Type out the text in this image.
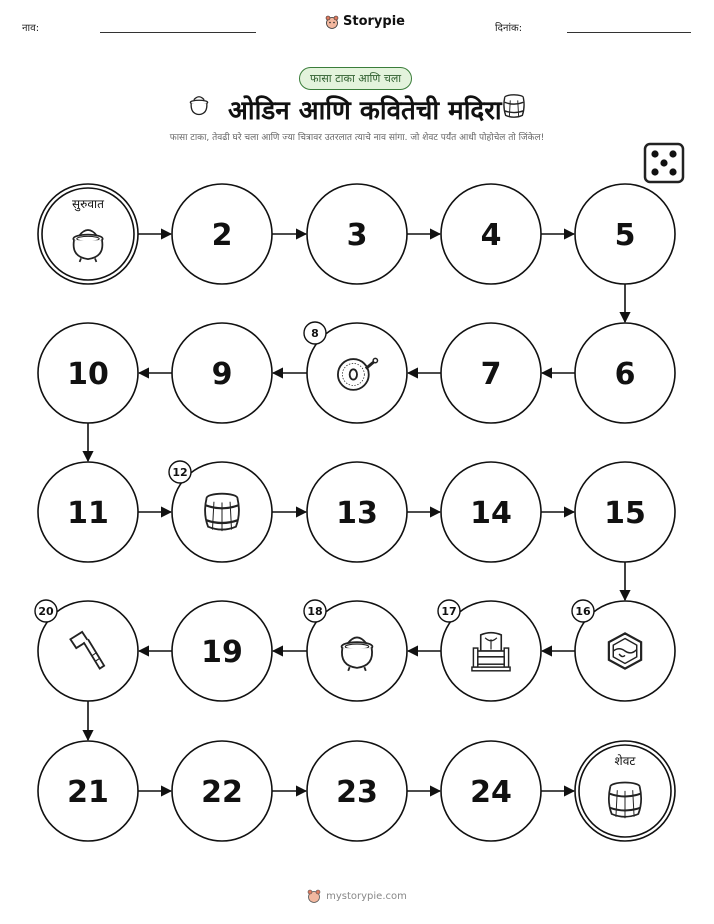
नाव:	Storypie	दिनांक:
फासा टाका आणि चला
ओडिन आणि कवितेची मदिरा
फासा टाका, तेवढी घरे चला आणि ज्या चित्रावर उतरलात त्याचे नाव सांगा. जो शेवट पर्यंत आधी पोहोचेल तो जिंकेल!
सुरुवात
2	3	4	5
6
7
8
9
10
11
12
13	14	15
16
17
18
19
20
21	22	23	24
शेवट
mystorypie.com
